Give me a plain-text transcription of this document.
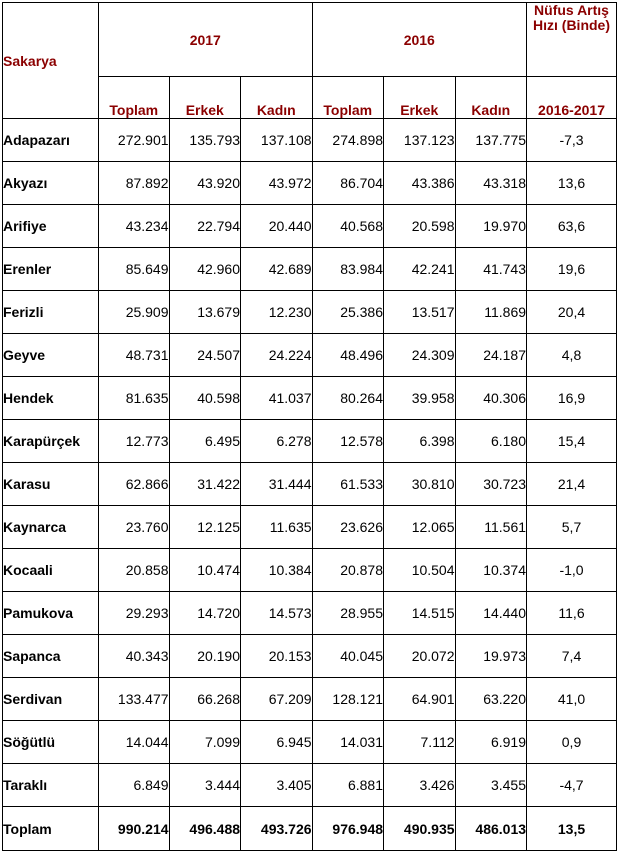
Sakarya	2017			2016			Nüfus Artış Hızı (Binde)
	Toplam	Erkek	Kadın	Toplam	Erkek	Kadın	2016-2017
Adapazarı	272.901	135.793	137.108	274.898	137.123	137.775	-7,3
Akyazı	87.892	43.920	43.972	86.704	43.386	43.318	13,6
Arifiye	43.234	22.794	20.440	40.568	20.598	19.970	63,6
Erenler	85.649	42.960	42.689	83.984	42.241	41.743	19,6
Ferizli	25.909	13.679	12.230	25.386	13.517	11.869	20,4
Geyve	48.731	24.507	24.224	48.496	24.309	24.187	4,8
Hendek	81.635	40.598	41.037	80.264	39.958	40.306	16,9
Karapürçek	12.773	6.495	6.278	12.578	6.398	6.180	15,4
Karasu	62.866	31.422	31.444	61.533	30.810	30.723	21,4
Kaynarca	23.760	12.125	11.635	23.626	12.065	11.561	5,7
Kocaali	20.858	10.474	10.384	20.878	10.504	10.374	-1,0
Pamukova	29.293	14.720	14.573	28.955	14.515	14.440	11,6
Sapanca	40.343	20.190	20.153	40.045	20.072	19.973	7,4
Serdivan	133.477	66.268	67.209	128.121	64.901	63.220	41,0
Söğütlü	14.044	7.099	6.945	14.031	7.112	6.919	0,9
Taraklı	6.849	3.444	3.405	6.881	3.426	3.455	-4,7
Toplam	990.214	496.488	493.726	976.948	490.935	486.013	13,5
